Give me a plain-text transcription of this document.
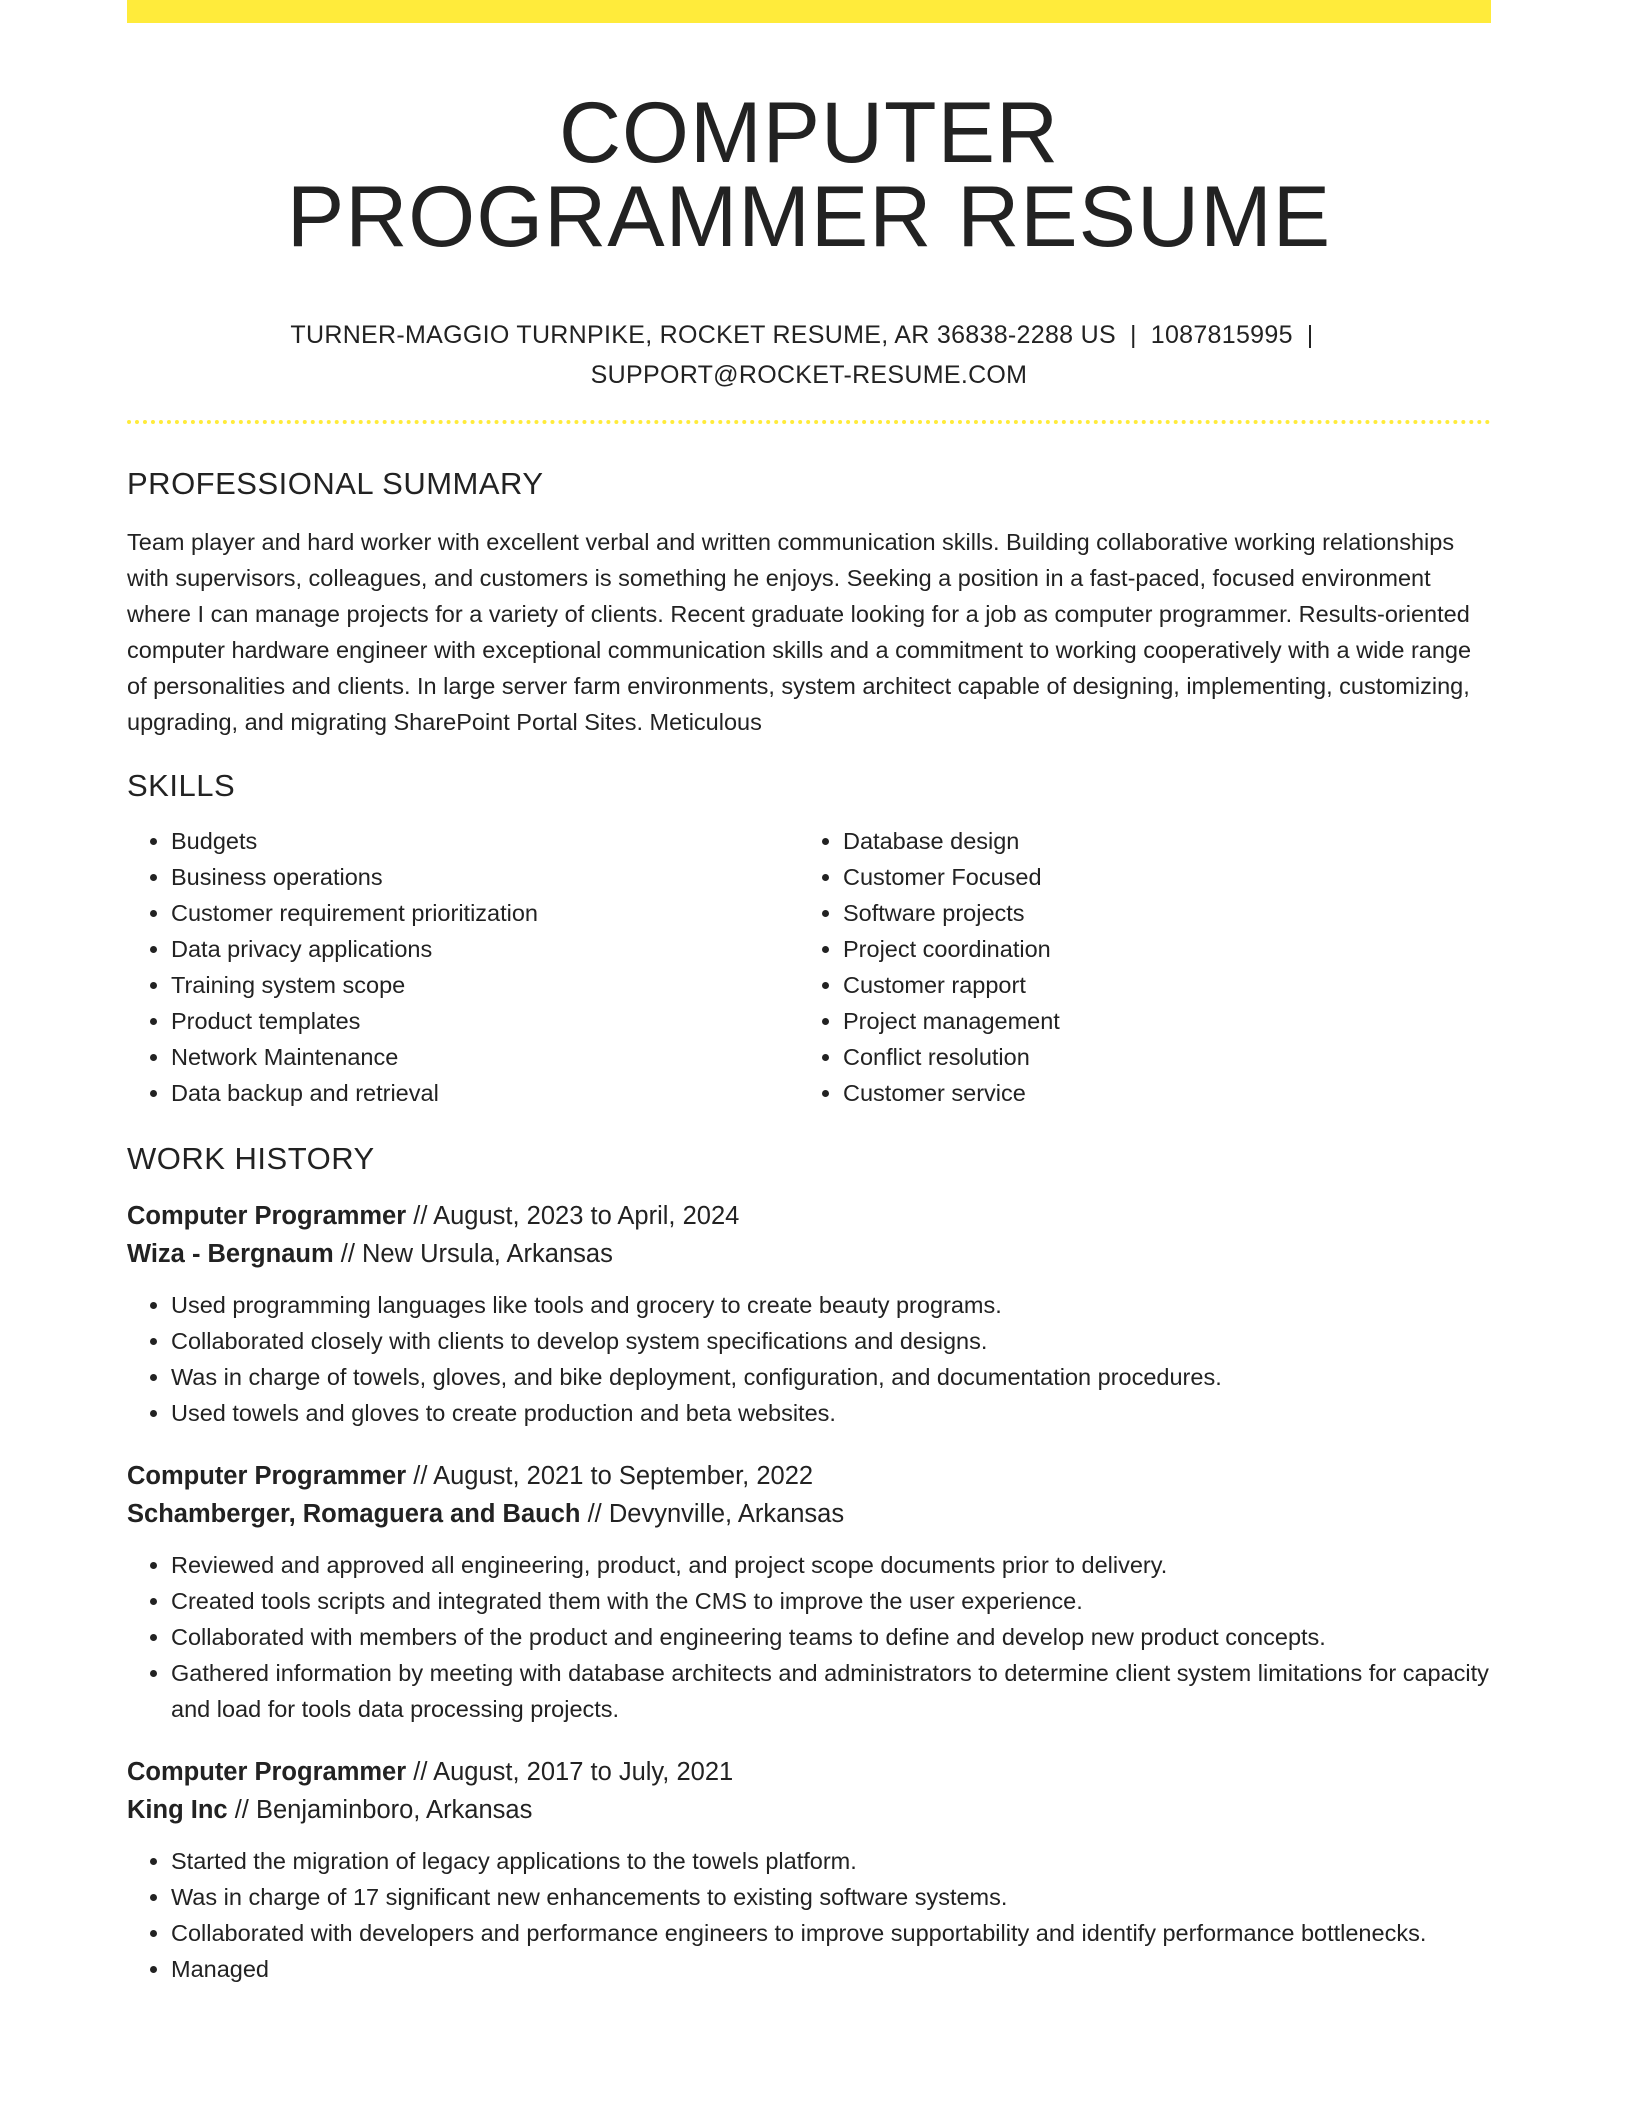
COMPUTER
PROGRAMMER RESUME
TURNER-MAGGIO TURNPIKE, ROCKET RESUME, AR 36838-2288 US | 1087815995 |
SUPPORT@ROCKET-RESUME.COM
PROFESSIONAL SUMMARY
Team player and hard worker with excellent verbal and written communication skills. Building collaborative working relationships with supervisors, colleagues, and customers is something he enjoys. Seeking a position in a fast-paced, focused environment where I can manage projects for a variety of clients. Recent graduate looking for a job as computer programmer. Results-oriented computer hardware engineer with exceptional communication skills and a commitment to working cooperatively with a wide range of personalities and clients. In large server farm environments, system architect capable of designing, implementing, customizing, upgrading, and migrating SharePoint Portal Sites. Meticulous
SKILLS
• Budgets
• Business operations
• Customer requirement prioritization
• Data privacy applications
• Training system scope
• Product templates
• Network Maintenance
• Data backup and retrieval
• Database design
• Customer Focused
• Software projects
• Project coordination
• Customer rapport
• Project management
• Conflict resolution
• Customer service
WORK HISTORY
Computer Programmer // August, 2023 to April, 2024
Wiza - Bergnaum // New Ursula, Arkansas
• Used programming languages like tools and grocery to create beauty programs.
• Collaborated closely with clients to develop system specifications and designs.
• Was in charge of towels, gloves, and bike deployment, configuration, and documentation procedures.
• Used towels and gloves to create production and beta websites.
Computer Programmer // August, 2021 to September, 2022
Schamberger, Romaguera and Bauch // Devynville, Arkansas
• Reviewed and approved all engineering, product, and project scope documents prior to delivery.
• Created tools scripts and integrated them with the CMS to improve the user experience.
• Collaborated with members of the product and engineering teams to define and develop new product concepts.
• Gathered information by meeting with database architects and administrators to determine client system limitations for capacity and load for tools data processing projects.
Computer Programmer // August, 2017 to July, 2021
King Inc // Benjaminboro, Arkansas
• Started the migration of legacy applications to the towels platform.
• Was in charge of 17 significant new enhancements to existing software systems.
• Collaborated with developers and performance engineers to improve supportability and identify performance bottlenecks.
• Managed
